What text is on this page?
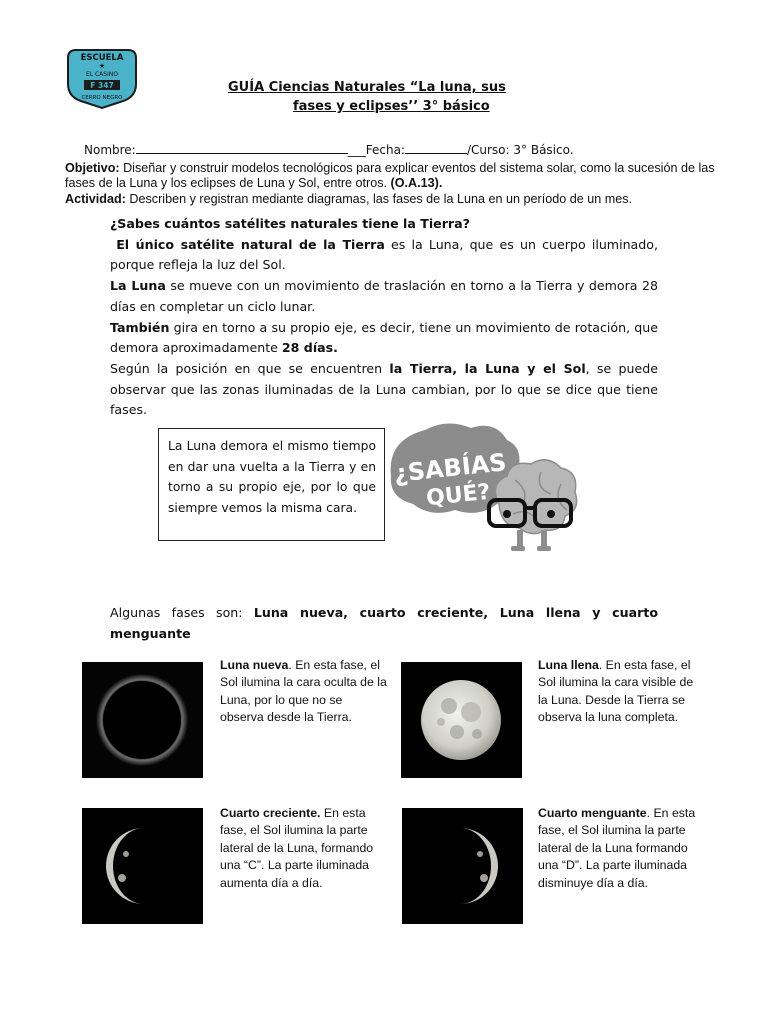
ESCUELA
★
EL CASINO
F 347
CERRO NEGRO
GUÍA Ciencias Naturales “La luna, sus
fases y eclipses’’ 3° básico
Nombre:	___Fecha:	/Curso: 3° Básico.
Objetivo: Diseñar y construir modelos tecnológicos para explicar eventos del sistema solar, como la sucesión de las fases de la Luna y los eclipses de Luna y Sol, entre otros. (O.A.13).
Actividad: Describen y registran mediante diagramas, las fases de la Luna en un período de un mes.

¿Sabes cuántos satélites naturales tiene la Tierra?

El único satélite natural de la Tierra es la Luna, que es un cuerpo iluminado, porque refleja la luz del Sol.

La Luna se mueve con un movimiento de traslación en torno a la Tierra y demora 28 días en completar un ciclo lunar.

También gira en torno a su propio eje, es decir, tiene un movimiento de rotación, que demora aproximadamente 28 días.

Según la posición en que se encuentren la Tierra, la Luna y el Sol, se puede observar que las zonas iluminadas de la Luna cambian, por lo que se dice que tiene fases.

La Luna demora el mismo tiempo en dar una vuelta a la Tierra y en torno a su propio eje, por lo que siempre vemos la misma cara.
¿SABÍAS
QUÉ?
Algunas fases son: Luna nueva, cuarto creciente, Luna llena y cuarto menguante
Luna nueva. En esta fase, el Sol ilumina la cara oculta de la Luna, por lo que no se observa desde la Tierra.
Luna llena. En esta fase, el Sol ilumina la cara visible de la Luna. Desde la Tierra se observa la luna completa.
Cuarto creciente. En esta fase, el Sol ilumina la parte lateral de la Luna, formando una “C”. La parte iluminada aumenta día a día.
Cuarto menguante. En esta fase, el Sol ilumina la parte lateral de la Luna formando una “D”. La parte iluminada disminuye día a día.
